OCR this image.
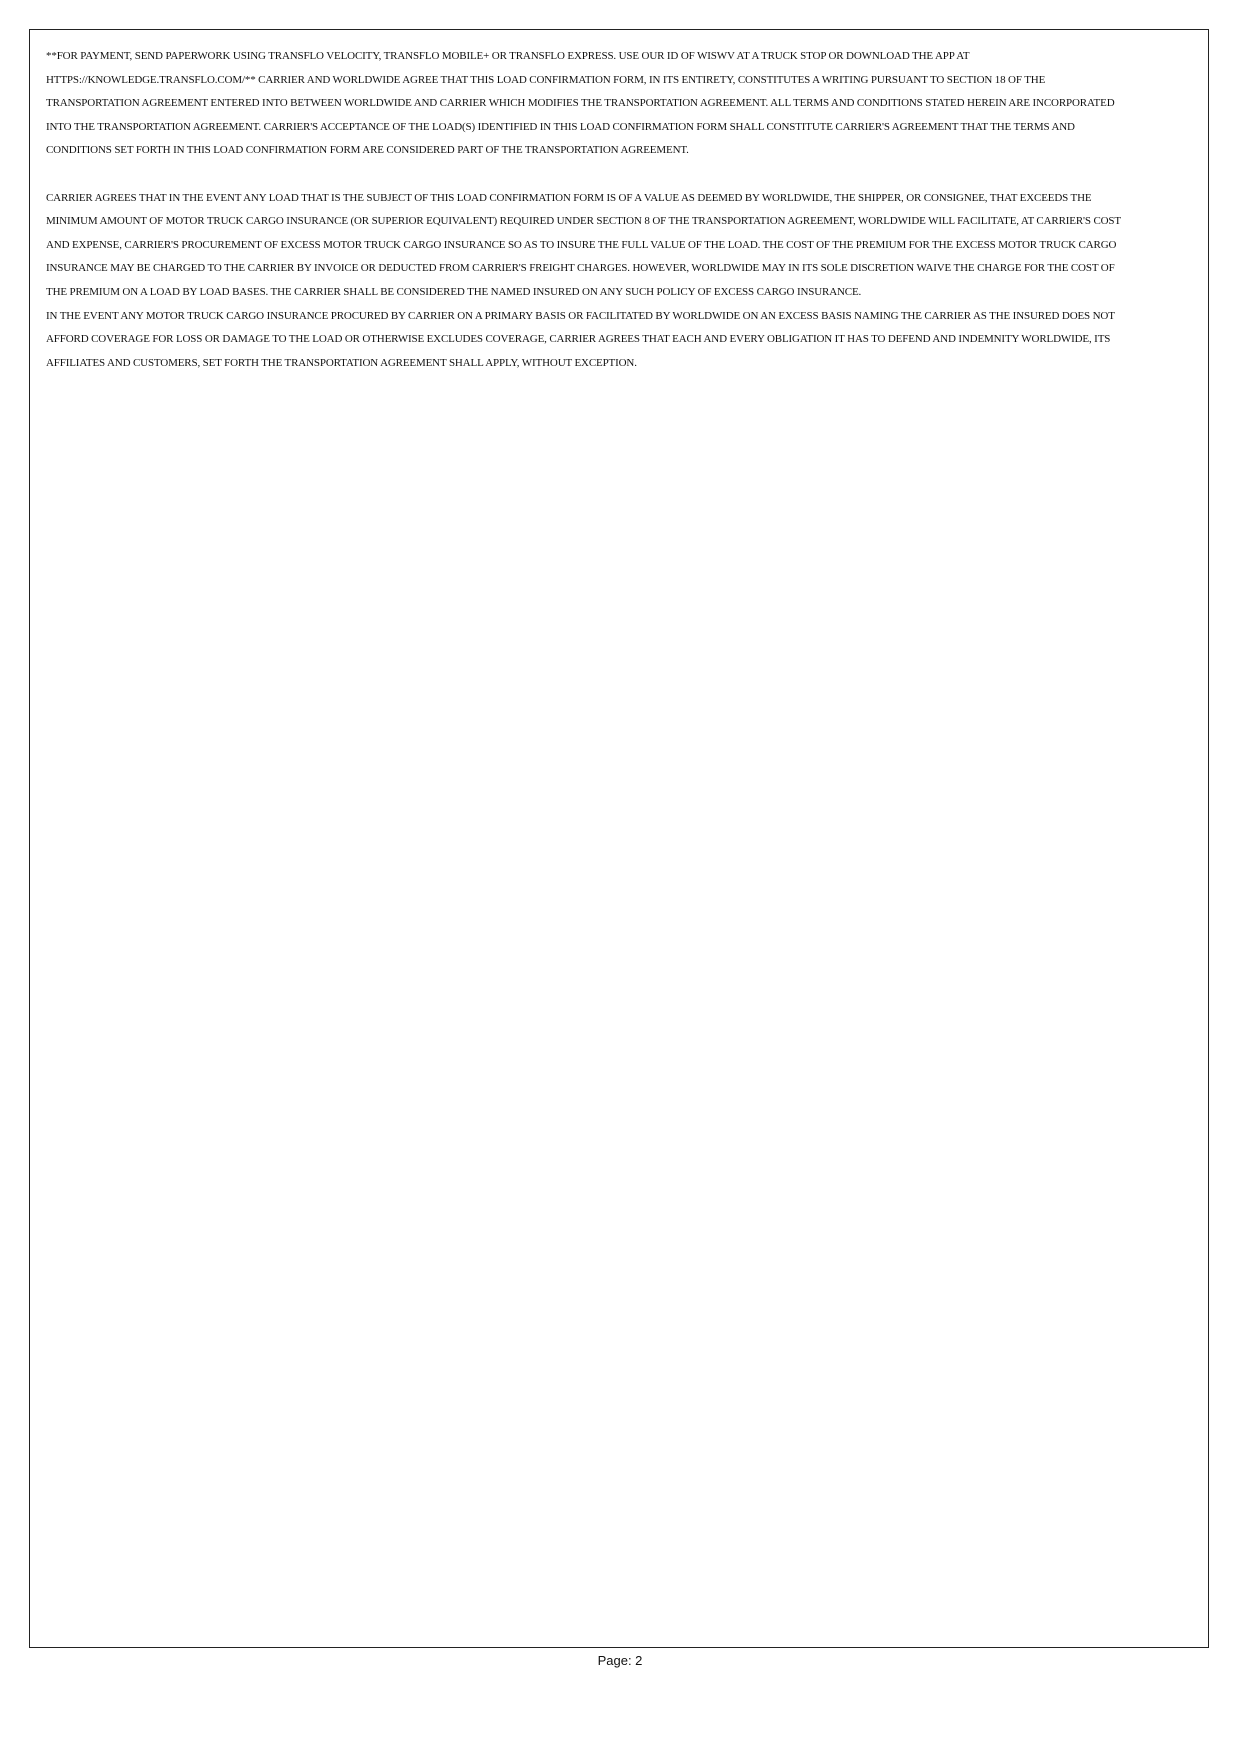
**FOR PAYMENT, SEND PAPERWORK USING TRANSFLO VELOCITY, TRANSFLO MOBILE+ OR TRANSFLO EXPRESS. USE OUR ID OF WISWV AT A TRUCK STOP OR DOWNLOAD THE APP AT HTTPS://KNOWLEDGE.TRANSFLO.COM/** CARRIER AND WORLDWIDE AGREE THAT THIS LOAD CONFIRMATION FORM, IN ITS ENTIRETY, CONSTITUTES A WRITING PURSUANT TO SECTION 18 OF THE TRANSPORTATION AGREEMENT ENTERED INTO BETWEEN WORLDWIDE AND CARRIER WHICH MODIFIES THE TRANSPORTATION AGREEMENT. ALL TERMS AND CONDITIONS STATED HEREIN ARE INCORPORATED INTO THE TRANSPORTATION AGREEMENT. CARRIER'S ACCEPTANCE OF THE LOAD(S) IDENTIFIED IN THIS LOAD CONFIRMATION FORM SHALL CONSTITUTE CARRIER'S AGREEMENT THAT THE TERMS AND CONDITIONS SET FORTH IN THIS LOAD CONFIRMATION FORM ARE CONSIDERED PART OF THE TRANSPORTATION AGREEMENT.

CARRIER AGREES THAT IN THE EVENT ANY LOAD THAT IS THE SUBJECT OF THIS LOAD CONFIRMATION FORM IS OF A VALUE AS DEEMED BY WORLDWIDE, THE SHIPPER, OR CONSIGNEE, THAT EXCEEDS THE MINIMUM AMOUNT OF MOTOR TRUCK CARGO INSURANCE (OR SUPERIOR EQUIVALENT) REQUIRED UNDER SECTION 8 OF THE TRANSPORTATION AGREEMENT, WORLDWIDE WILL FACILITATE, AT CARRIER'S COST AND EXPENSE, CARRIER'S PROCUREMENT OF EXCESS MOTOR TRUCK CARGO INSURANCE SO AS TO INSURE THE FULL VALUE OF THE LOAD. THE COST OF THE PREMIUM FOR THE EXCESS MOTOR TRUCK CARGO INSURANCE MAY BE CHARGED TO THE CARRIER BY INVOICE OR DEDUCTED FROM CARRIER'S FREIGHT CHARGES. HOWEVER, WORLDWIDE MAY IN ITS SOLE DISCRETION WAIVE THE CHARGE FOR THE COST OF THE PREMIUM ON A LOAD BY LOAD BASES. THE CARRIER SHALL BE CONSIDERED THE NAMED INSURED ON ANY SUCH POLICY OF EXCESS CARGO INSURANCE.

IN THE EVENT ANY MOTOR TRUCK CARGO INSURANCE PROCURED BY CARRIER ON A PRIMARY BASIS OR FACILITATED BY WORLDWIDE ON AN EXCESS BASIS NAMING THE CARRIER AS THE INSURED DOES NOT AFFORD COVERAGE FOR LOSS OR DAMAGE TO THE LOAD OR OTHERWISE EXCLUDES COVERAGE, CARRIER AGREES THAT EACH AND EVERY OBLIGATION IT HAS TO DEFEND AND INDEMNITY WORLDWIDE, ITS AFFILIATES AND CUSTOMERS, SET FORTH THE TRANSPORTATION AGREEMENT SHALL APPLY, WITHOUT EXCEPTION.

Page: 2
